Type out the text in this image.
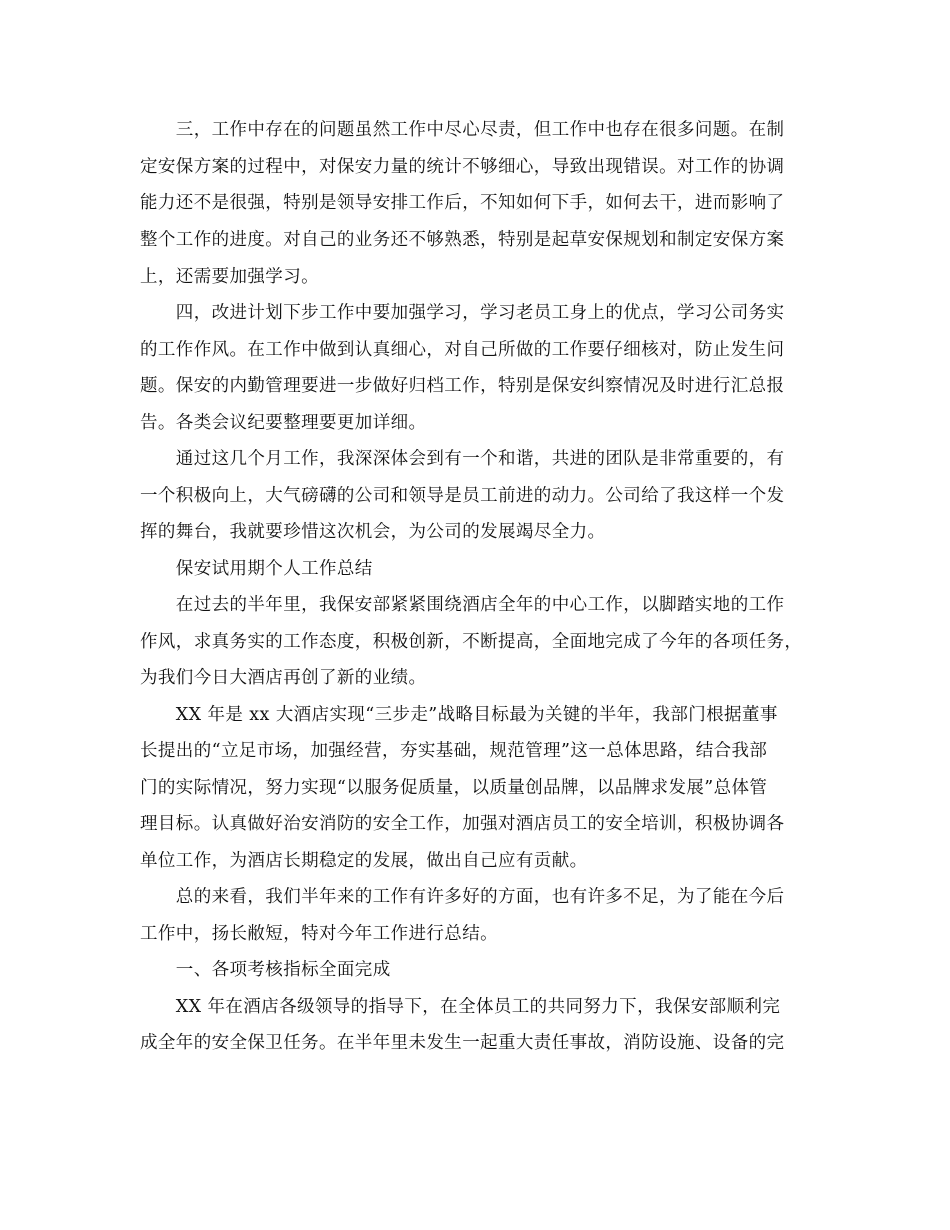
　　三，工作中存在的问题虽然工作中尽心尽责，但工作中也存在很多问题。在制
定安保方案的过程中，对保安力量的统计不够细心，导致出现错误。对工作的协调
能力还不是很强，特别是领导安排工作后，不知如何下手，如何去干，进而影响了
整个工作的进度。对自己的业务还不够熟悉，特别是起草安保规划和制定安保方案
上，还需要加强学习。
　　四，改进计划下步工作中要加强学习，学习老员工身上的优点，学习公司务实
的工作作风。在工作中做到认真细心，对自己所做的工作要仔细核对，防止发生问
题。保安的内勤管理要进一步做好归档工作，特别是保安纠察情况及时进行汇总报
告。各类会议纪要整理要更加详细。
　　通过这几个月工作，我深深体会到有一个和谐，共进的团队是非常重要的，有
一个积极向上，大气磅礴的公司和领导是员工前进的动力。公司给了我这样一个发
挥的舞台，我就要珍惜这次机会，为公司的发展竭尽全力。
　　保安试用期个人工作总结
　　在过去的半年里，我保安部紧紧围绕酒店全年的中心工作，以脚踏实地的工作
作风，求真务实的工作态度，积极创新，不断提高，全面地完成了今年的各项任务，
为我们今日大酒店再创了新的业绩。
　　XX 年是 xx 大酒店实现“三步走”战略目标最为关键的半年，我部门根据董事
长提出的“立足市场，加强经营，夯实基础，规范管理”这一总体思路，结合我部
门的实际情况，努力实现“以服务促质量，以质量创品牌，以品牌求发展”总体管
理目标。认真做好治安消防的安全工作，加强对酒店员工的安全培训，积极协调各
单位工作，为酒店长期稳定的发展，做出自己应有贡献。
　　总的来看，我们半年来的工作有许多好的方面，也有许多不足，为了能在今后
工作中，扬长敝短，特对今年工作进行总结。
　　一、各项考核指标全面完成
　　XX 年在酒店各级领导的指导下，在全体员工的共同努力下，我保安部顺利完
成全年的安全保卫任务。在半年里未发生一起重大责任事故，消防设施、设备的完
